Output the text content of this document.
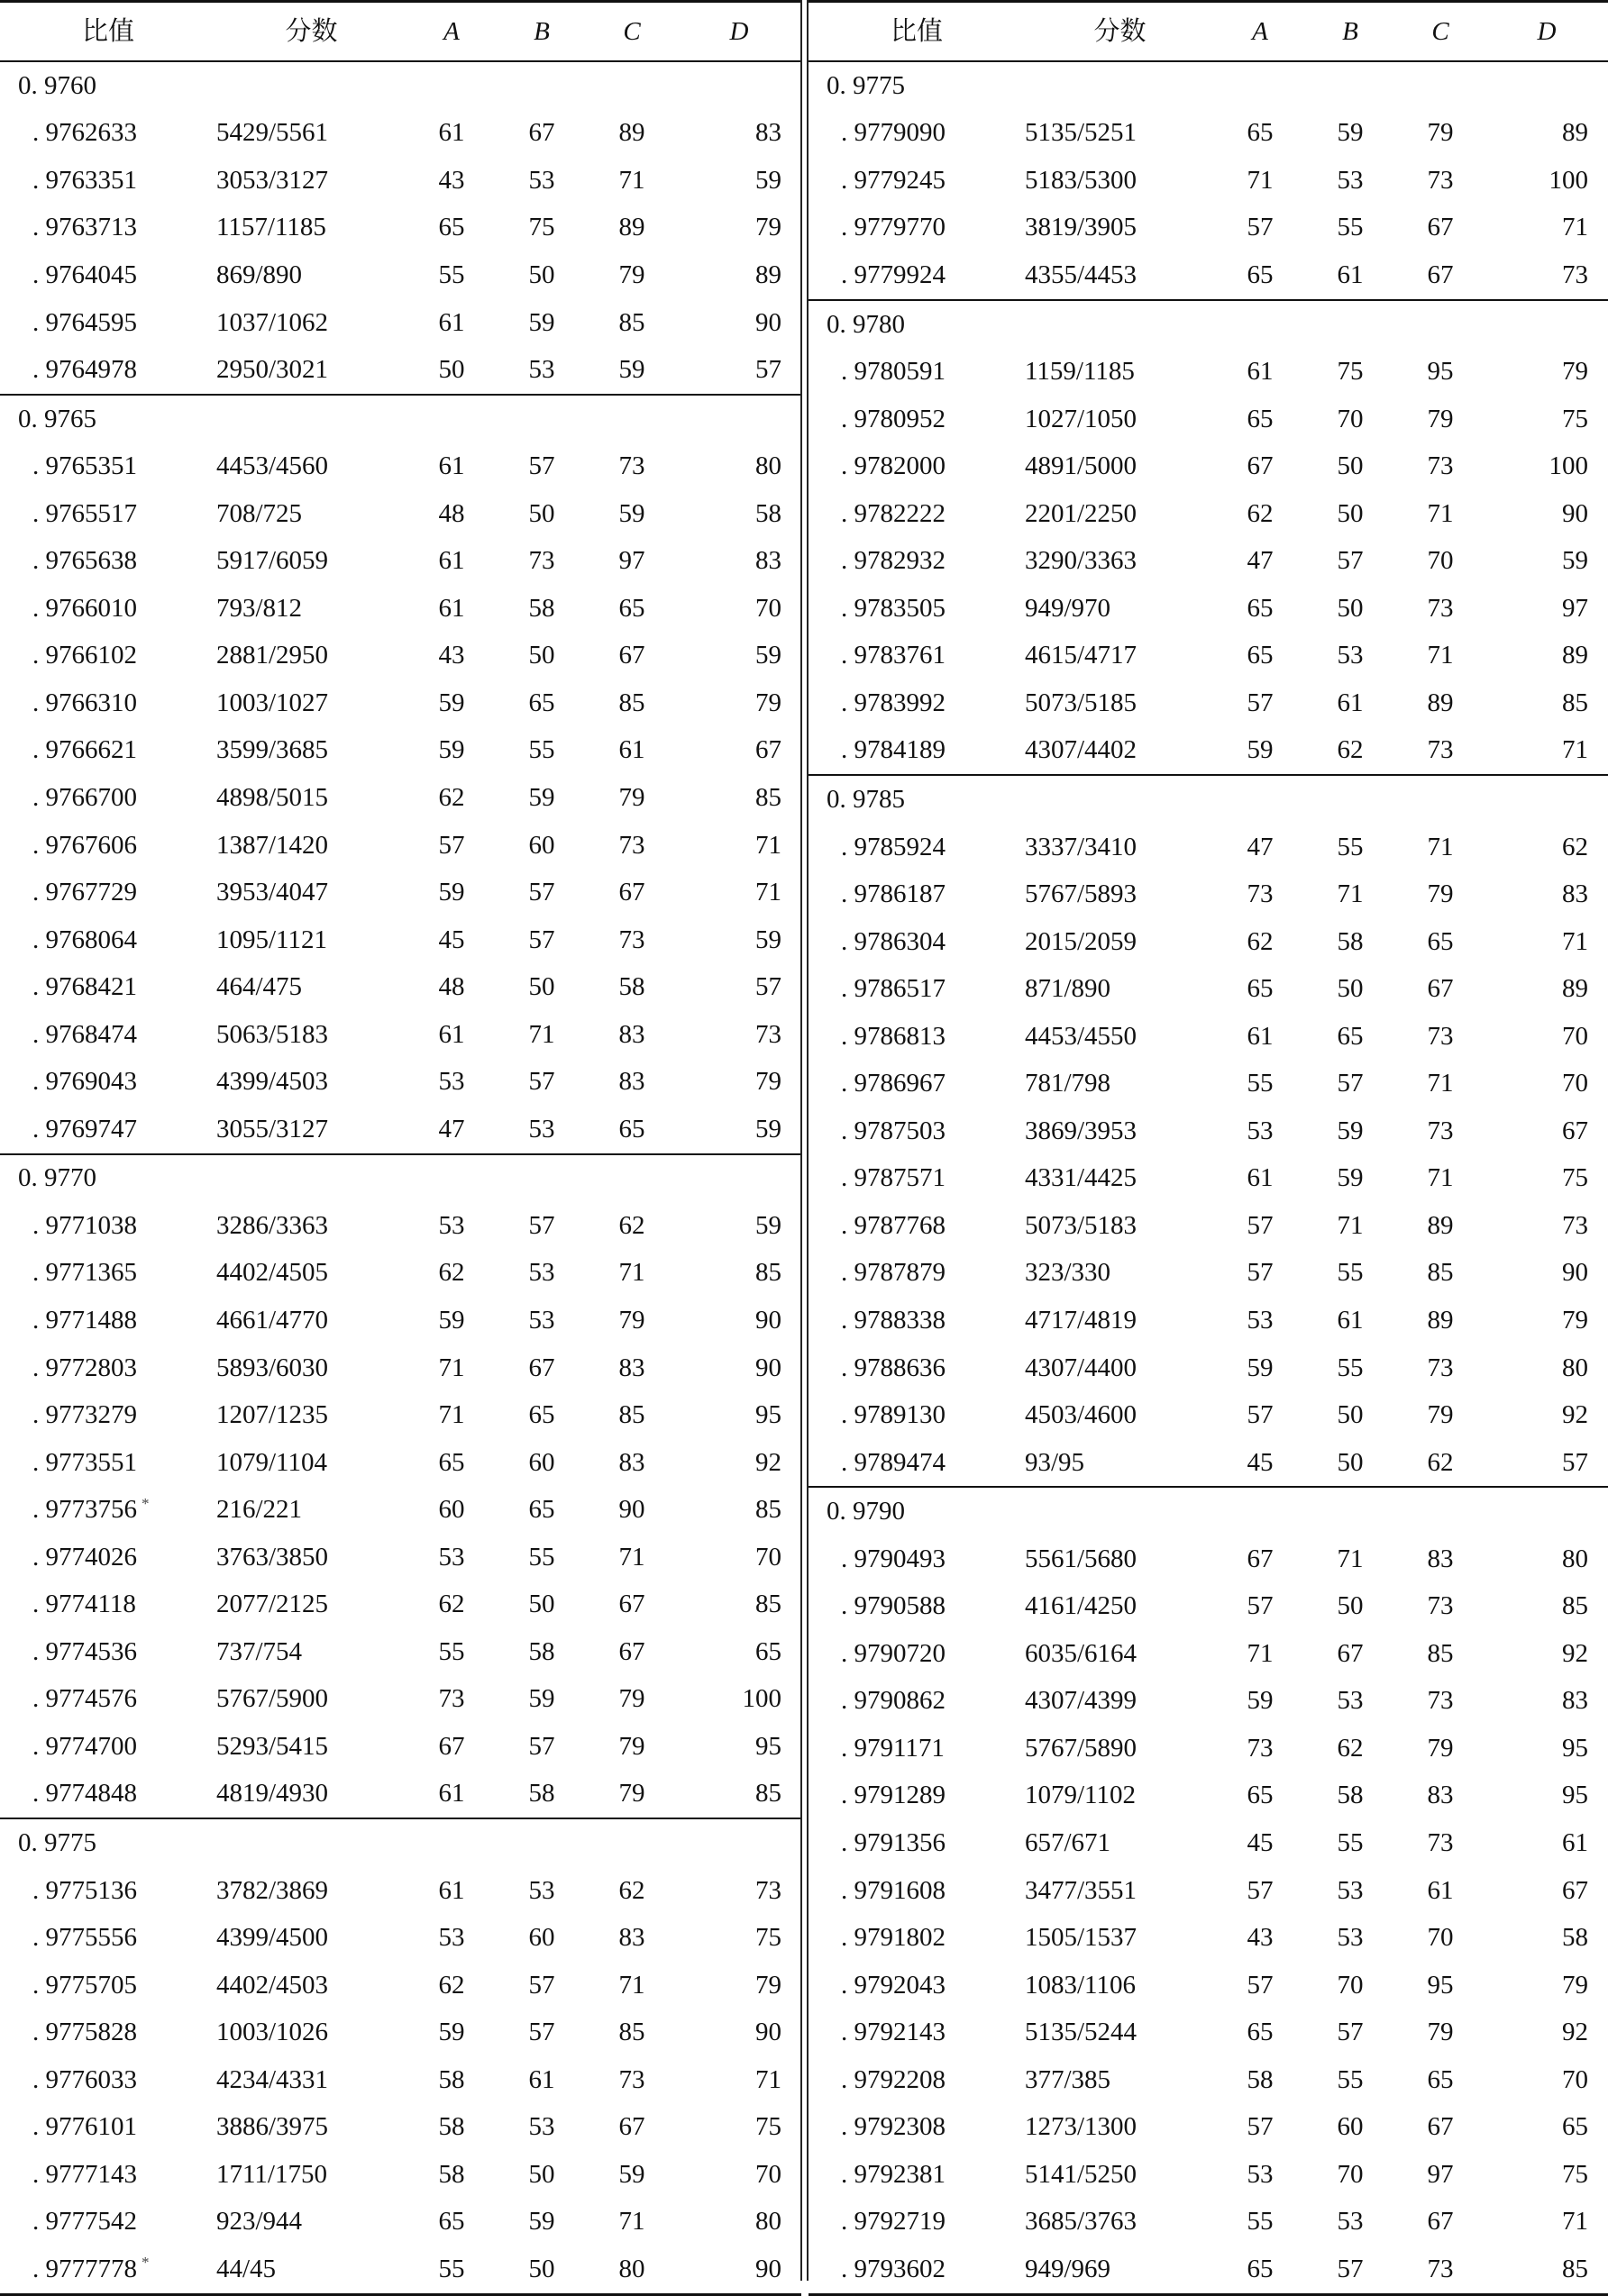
比值	分数	A	B	C	D
0. 9760					
. 9762633	5429/5561	61	67	89	83
. 9763351	3053/3127	43	53	71	59
. 9763713	1157/1185	65	75	89	79
. 9764045	869/890	55	50	79	89
. 9764595	1037/1062	61	59	85	90
. 9764978	2950/3021	50	53	59	57
0. 9765					
. 9765351	4453/4560	61	57	73	80
. 9765517	708/725	48	50	59	58
. 9765638	5917/6059	61	73	97	83
. 9766010	793/812	61	58	65	70
. 9766102	2881/2950	43	50	67	59
. 9766310	1003/1027	59	65	85	79
. 9766621	3599/3685	59	55	61	67
. 9766700	4898/5015	62	59	79	85
. 9767606	1387/1420	57	60	73	71
. 9767729	3953/4047	59	57	67	71
. 9768064	1095/1121	45	57	73	59
. 9768421	464/475	48	50	58	57
. 9768474	5063/5183	61	71	83	73
. 9769043	4399/4503	53	57	83	79
. 9769747	3055/3127	47	53	65	59
0. 9770					
. 9771038	3286/3363	53	57	62	59
. 9771365	4402/4505	62	53	71	85
. 9771488	4661/4770	59	53	79	90
. 9772803	5893/6030	71	67	83	90
. 9773279	1207/1235	71	65	85	95
. 9773551	1079/1104	65	60	83	92
. 9773756 *	216/221	60	65	90	85
. 9774026	3763/3850	53	55	71	70
. 9774118	2077/2125	62	50	67	85
. 9774536	737/754	55	58	67	65
. 9774576	5767/5900	73	59	79	100
. 9774700	5293/5415	67	57	79	95
. 9774848	4819/4930	61	58	79	85
0. 9775					
. 9775136	3782/3869	61	53	62	73
. 9775556	4399/4500	53	60	83	75
. 9775705	4402/4503	62	57	71	79
. 9775828	1003/1026	59	57	85	90
. 9776033	4234/4331	58	61	73	71
. 9776101	3886/3975	58	53	67	75
. 9777143	1711/1750	58	50	59	70
. 9777542	923/944	65	59	71	80
. 9777778 *	44/45	55	50	80	90
比值	分数	A	B	C	D
0. 9775					
. 9779090	5135/5251	65	59	79	89
. 9779245	5183/5300	71	53	73	100
. 9779770	3819/3905	57	55	67	71
. 9779924	4355/4453	65	61	67	73
0. 9780					
. 9780591	1159/1185	61	75	95	79
. 9780952	1027/1050	65	70	79	75
. 9782000	4891/5000	67	50	73	100
. 9782222	2201/2250	62	50	71	90
. 9782932	3290/3363	47	57	70	59
. 9783505	949/970	65	50	73	97
. 9783761	4615/4717	65	53	71	89
. 9783992	5073/5185	57	61	89	85
. 9784189	4307/4402	59	62	73	71
0. 9785					
. 9785924	3337/3410	47	55	71	62
. 9786187	5767/5893	73	71	79	83
. 9786304	2015/2059	62	58	65	71
. 9786517	871/890	65	50	67	89
. 9786813	4453/4550	61	65	73	70
. 9786967	781/798	55	57	71	70
. 9787503	3869/3953	53	59	73	67
. 9787571	4331/4425	61	59	71	75
. 9787768	5073/5183	57	71	89	73
. 9787879	323/330	57	55	85	90
. 9788338	4717/4819	53	61	89	79
. 9788636	4307/4400	59	55	73	80
. 9789130	4503/4600	57	50	79	92
. 9789474	93/95	45	50	62	57
0. 9790					
. 9790493	5561/5680	67	71	83	80
. 9790588	4161/4250	57	50	73	85
. 9790720	6035/6164	71	67	85	92
. 9790862	4307/4399	59	53	73	83
. 9791171	5767/5890	73	62	79	95
. 9791289	1079/1102	65	58	83	95
. 9791356	657/671	45	55	73	61
. 9791608	3477/3551	57	53	61	67
. 9791802	1505/1537	43	53	70	58
. 9792043	1083/1106	57	70	95	79
. 9792143	5135/5244	65	57	79	92
. 9792208	377/385	58	55	65	70
. 9792308	1273/1300	57	60	67	65
. 9792381	5141/5250	53	70	97	75
. 9792719	3685/3763	55	53	67	71
. 9793602	949/969	65	57	73	85
